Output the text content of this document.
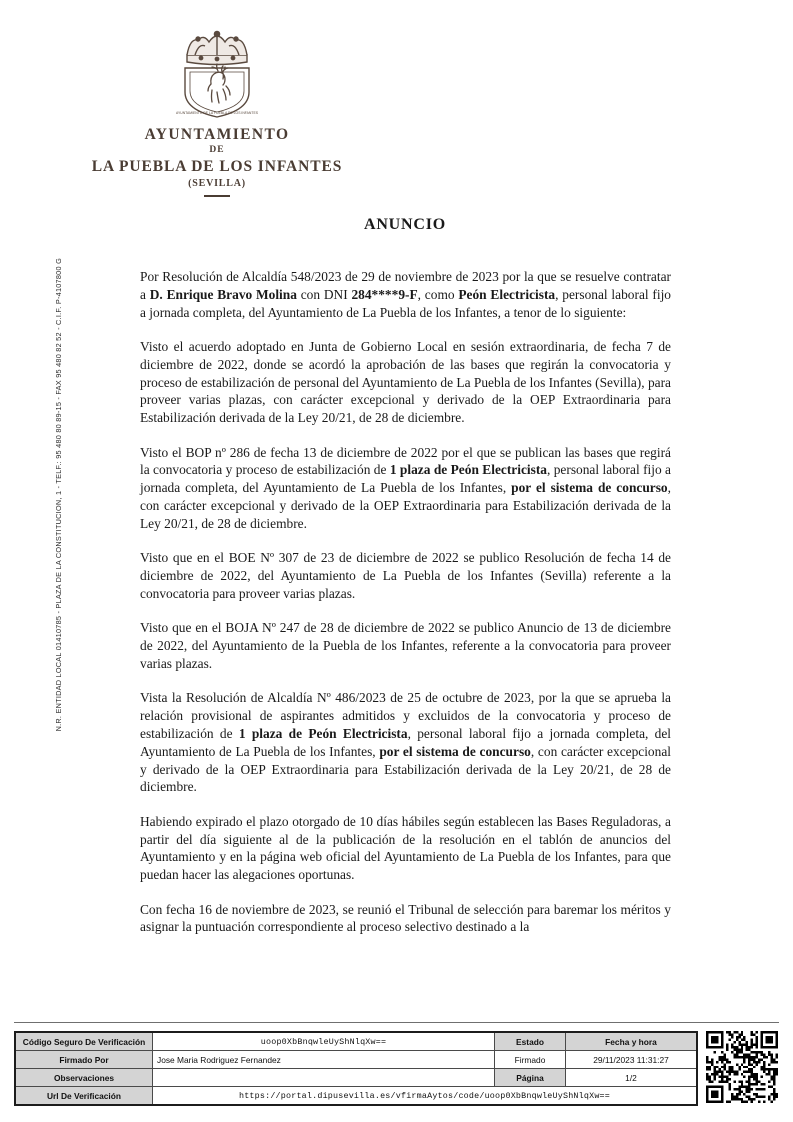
AYUNTAMIENTO DE LA PUEBLA DE LOS INFANTES
AYUNTAMIENTO
DE
LA PUEBLA DE LOS INFANTES
(SEVILLA)
N.R. ENTIDAD LOCAL 01410785 - PLAZA DE LA CONSTITUCION, 1 - TELF.: 95 480 80 89-15 - FAX 95 480 82 52 - C.I.F. P-4107800 G
ANUNCIO

Por Resolución de Alcaldía 548/2023 de 29 de noviembre de 2023 por la que se resuelve contratar a D. Enrique Bravo Molina con DNI 284****9-F, como Peón Electricista, personal laboral fijo a jornada completa, del Ayuntamiento de La Puebla de los Infantes, a tenor de lo siguiente:

Visto el acuerdo adoptado en Junta de Gobierno Local en sesión extraordinaria, de fecha 7 de diciembre de 2022, donde se acordó la aprobación de las bases que regirán la convocatoria y proceso de estabilización de personal del Ayuntamiento de La Puebla de los Infantes (Sevilla), para proveer varias plazas, con carácter excepcional y derivado de la OEP Extraordinaria para Estabilización derivada de la Ley 20/21, de 28 de diciembre.

Visto el BOP nº 286 de fecha 13 de diciembre de 2022 por el que se publican las bases que regirá la convocatoria y proceso de estabilización de 1 plaza de Peón Electricista, personal laboral fijo a jornada completa, del Ayuntamiento de La Puebla de los Infantes, por el sistema de concurso, con carácter excepcional y derivado de la OEP Extraordinaria para Estabilización derivada de la Ley 20/21, de 28 de diciembre.

Visto que en el BOE Nº 307 de 23 de diciembre de 2022 se publico Resolución de fecha 14 de diciembre de 2022, del Ayuntamiento de La Puebla de los Infantes (Sevilla) referente a la convocatoria para proveer varias plazas.

Visto que en el BOJA Nº 247 de 28 de diciembre de 2022 se publico Anuncio de 13 de diciembre de 2022, del Ayuntamiento de la Puebla de los Infantes, referente a la convocatoria para proveer varias plazas.

Vista la Resolución de Alcaldía Nº 486/2023 de 25 de octubre de 2023, por la que se aprueba la relación provisional de aspirantes admitidos y excluidos de la convocatoria y proceso de estabilización de 1 plaza de Peón Electricista, personal laboral fijo a jornada completa, del Ayuntamiento de La Puebla de los Infantes, por el sistema de concurso, con carácter excepcional y derivado de la OEP Extraordinaria para Estabilización derivada de la Ley 20/21, de 28 de diciembre.

Habiendo expirado el plazo otorgado de 10 días hábiles según establecen las Bases Reguladoras, a partir del día siguiente al de la publicación de la resolución en el tablón de anuncios del Ayuntamiento y en la página web oficial del Ayuntamiento de La Puebla de los Infantes, para que puedan hacer las alegaciones oportunas.

Con fecha 16 de noviembre de 2023, se reunió el Tribunal de selección para baremar los méritos y asignar la puntuación correspondiente al proceso selectivo destinado a la

Código Seguro De Verificación	uoop0XbBnqwleUyShNlqXw==	Estado	Fecha y hora
Firmado Por	Jose Maria Rodriguez Fernandez	Firmado	29/11/2023 11:31:27
Observaciones		Página	1/2
Url De Verificación	https://portal.dipusevilla.es/vfirmaAytos/code/uoop0XbBnqwleUyShNlqXw==		
